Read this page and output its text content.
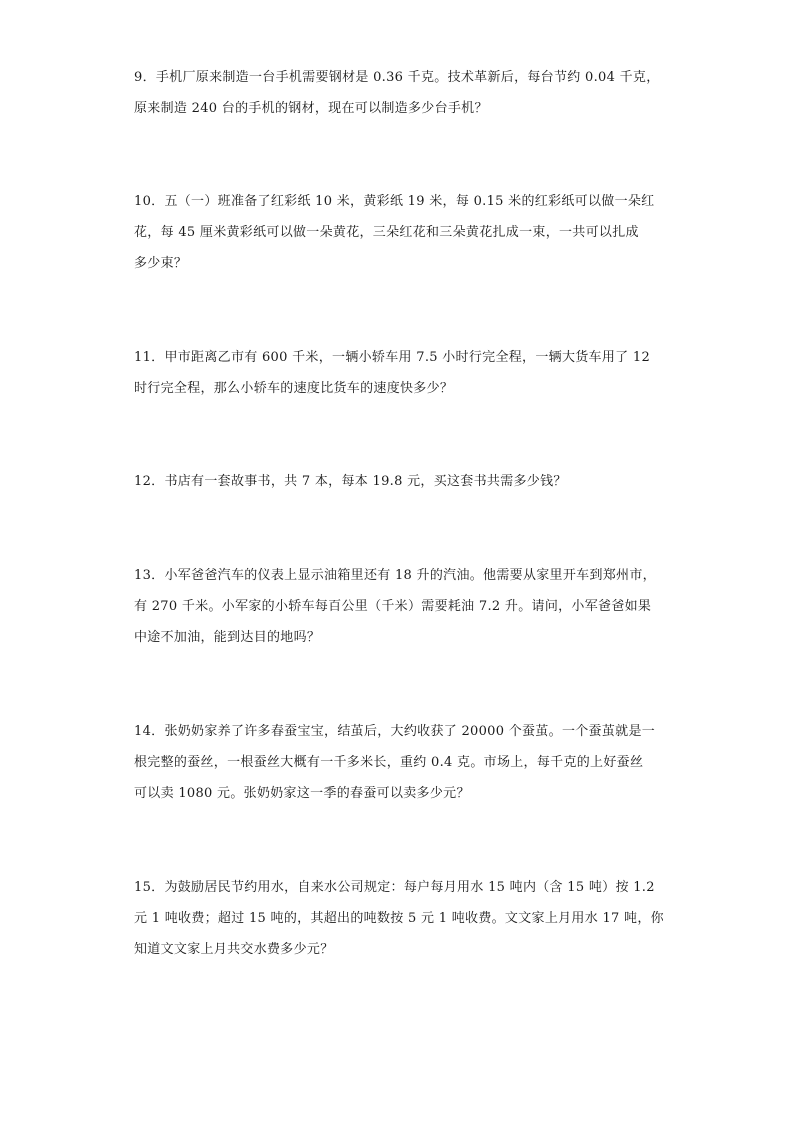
9．手机厂原来制造一台手机需要钢材是 0.36 千克。技术革新后，每台节约 0.04 千克，
原来制造 240 台的手机的钢材，现在可以制造多少台手机？
10．五（一）班准备了红彩纸 10 米，黄彩纸 19 米，每 0.15 米的红彩纸可以做一朵红
花，每 45 厘米黄彩纸可以做一朵黄花，三朵红花和三朵黄花扎成一束，一共可以扎成
多少束？
11．甲市距离乙市有 600 千米，一辆小轿车用 7.5 小时行完全程，一辆大货车用了 12
时行完全程，那么小轿车的速度比货车的速度快多少？
12．书店有一套故事书，共 7 本，每本 19.8 元，买这套书共需多少钱？
13．小军爸爸汽车的仪表上显示油箱里还有 18 升的汽油。他需要从家里开车到郑州市，
有 270 千米。小军家的小轿车每百公里（千米）需要耗油 7.2 升。请问，小军爸爸如果
中途不加油，能到达目的地吗？
14．张奶奶家养了许多春蚕宝宝，结茧后，大约收获了 20000 个蚕茧。一个蚕茧就是一
根完整的蚕丝，一根蚕丝大概有一千多米长，重约 0.4 克。市场上，每千克的上好蚕丝
可以卖 1080 元。张奶奶家这一季的春蚕可以卖多少元？
15．为鼓励居民节约用水，自来水公司规定：每户每月用水 15 吨内（含 15 吨）按 1.2
元 1 吨收费；超过 15 吨的，其超出的吨数按 5 元 1 吨收费。文文家上月用水 17 吨，你
知道文文家上月共交水费多少元？
